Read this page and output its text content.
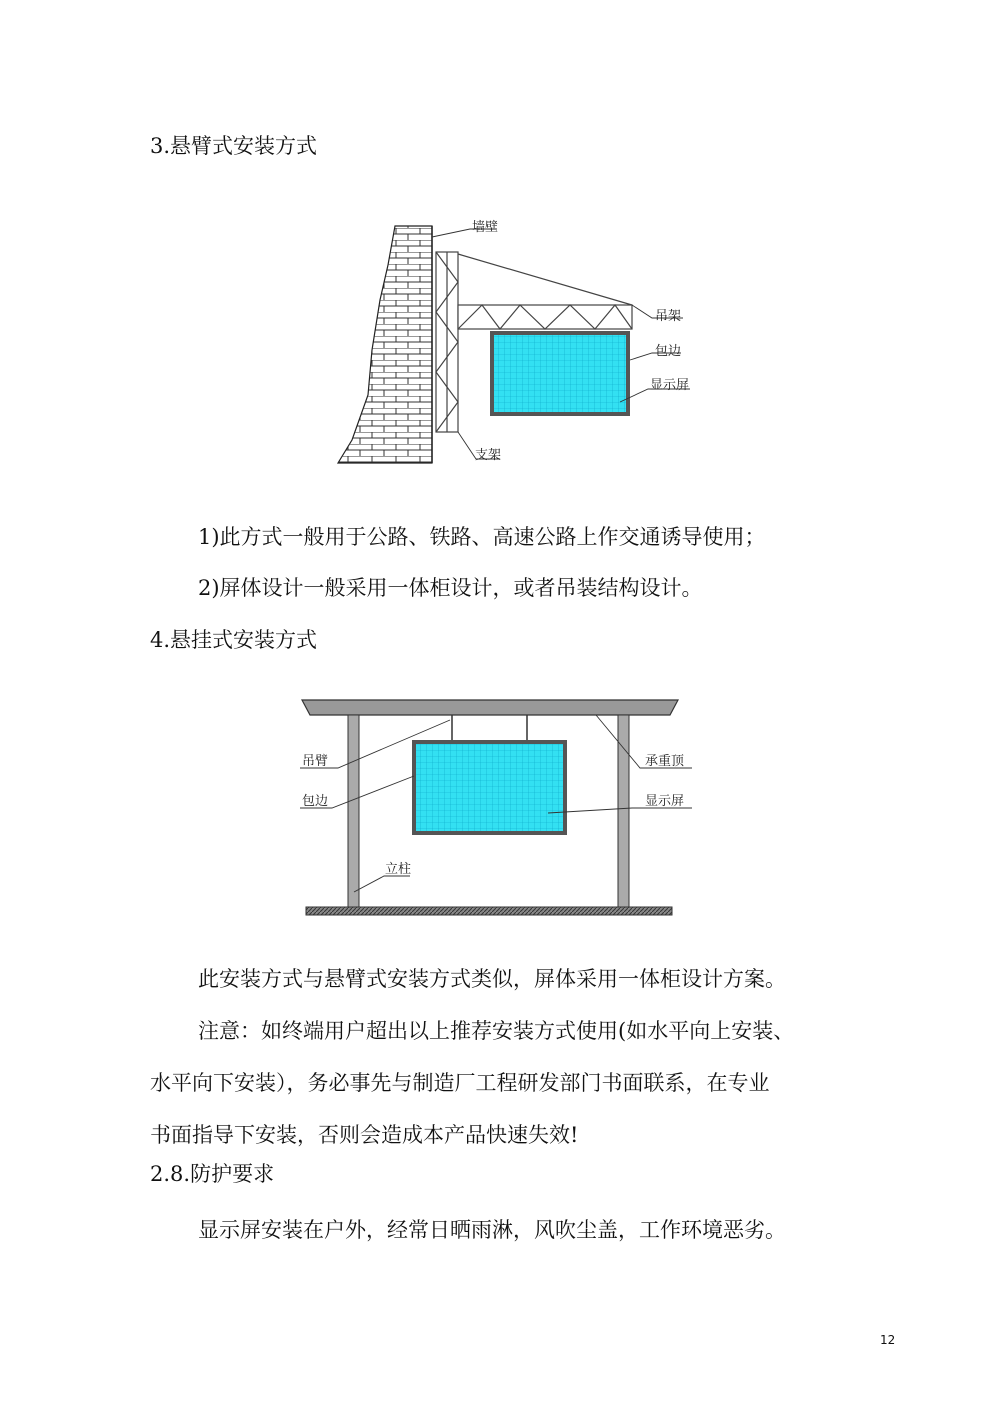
3.悬臂式安装方式
墙壁
吊架
包边
显示屏
支架
1)此方式一般用于公路、铁路、高速公路上作交通诱导使用；
2)屏体设计一般采用一体柜设计，或者吊装结构设计。
4.悬挂式安装方式
吊臂
包边
立柱
承重顶
显示屏
此安装方式与悬臂式安装方式类似，屏体采用一体柜设计方案。
注意：如终端用户超出以上推荐安装方式使用(如水平向上安装、
水平向下安装），务必事先与制造厂工程研发部门书面联系，在专业
书面指导下安装，否则会造成本产品快速失效!
2.8.防护要求
显示屏安装在户外，经常日晒雨淋，风吹尘盖，工作环境恶劣。
12
